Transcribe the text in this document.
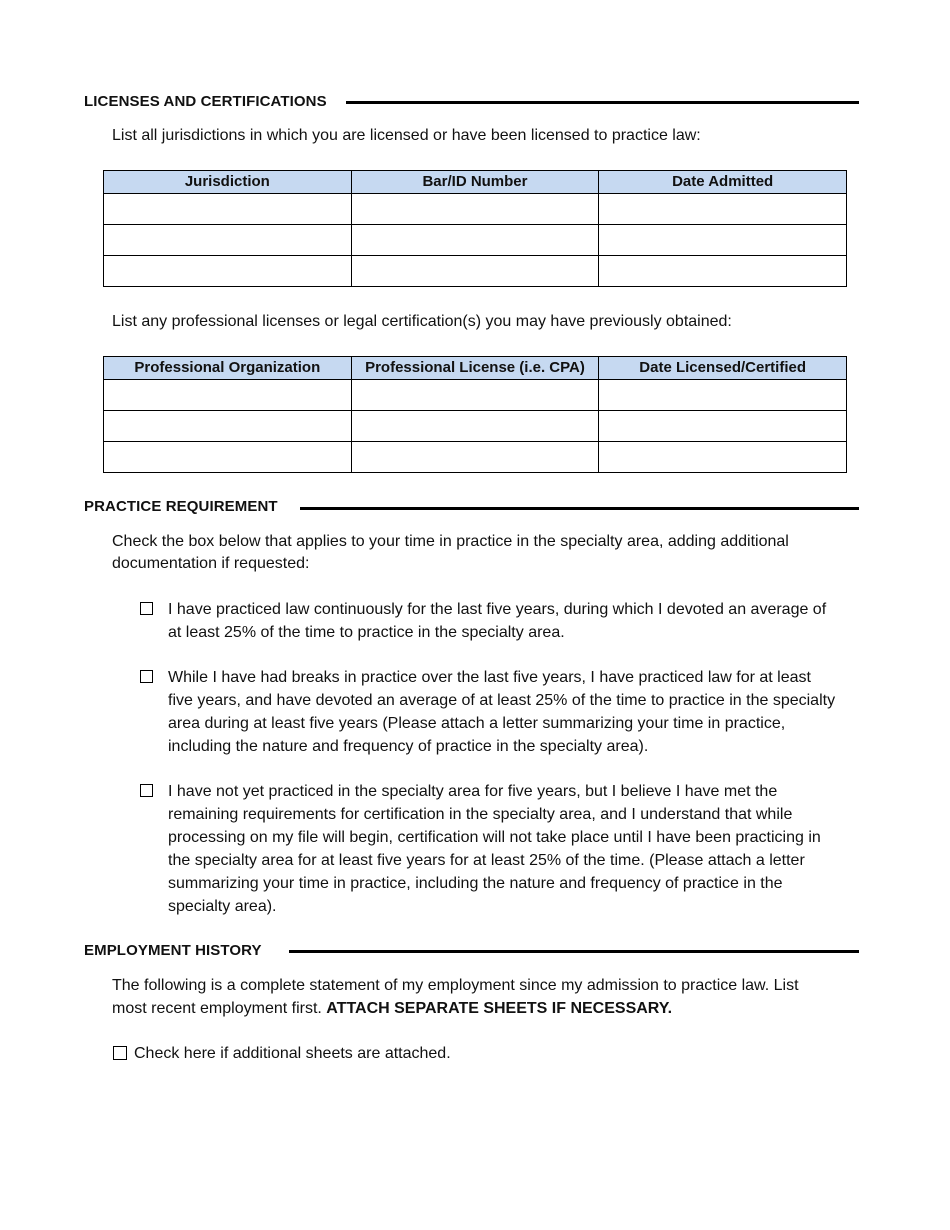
LICENSES AND CERTIFICATIONS
List all jurisdictions in which you are licensed or have been licensed to practice law:
Jurisdiction	Bar/ID Number	Date Admitted

List any professional licenses or legal certification(s) you may have previously obtained:
Professional Organization	Professional License (i.e. CPA)	Date Licensed/Certified

PRACTICE REQUIREMENT
Check the box below that applies to your time in practice in the specialty area, adding additional documentation if requested:
I have practiced law continuously for the last five years, during which I devoted an average of at least 25% of the time to practice in the specialty area.
While I have had breaks in practice over the last five years, I have practiced law for at least five years, and have devoted an average of at least 25% of the time to practice in the specialty area during at least five years (Please attach a letter summarizing your time in practice, including the nature and frequency of practice in the specialty area).
I have not yet practiced in the specialty area for five years, but I believe I have met the remaining requirements for certification in the specialty area, and I understand that while processing on my file will begin, certification will not take place until I have been practicing in the specialty area for at least five years for at least 25% of the time. (Please attach a letter summarizing your time in practice, including the nature and frequency of practice in the specialty area).
EMPLOYMENT HISTORY
The following is a complete statement of my employment since my admission to practice law. List most recent employment first. ATTACH SEPARATE SHEETS IF NECESSARY.
Check here if additional sheets are attached.
